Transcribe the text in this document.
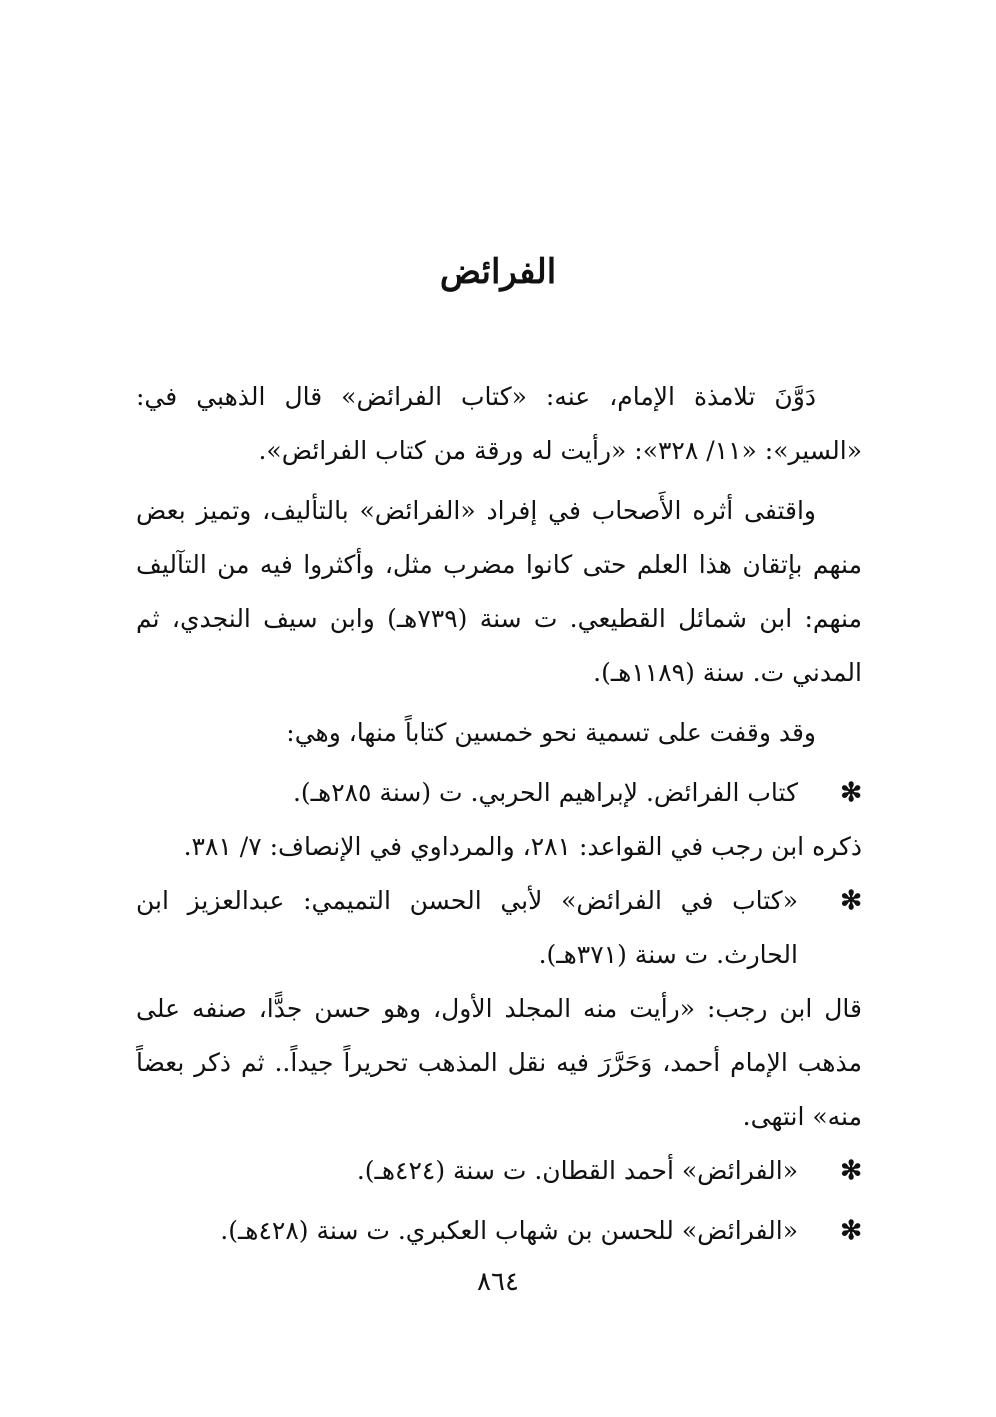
الفرائض

دَوَّنَ تلامذة الإمام، عنه: «كتاب الفرائض» قال الذهبي في: «السير»: «١١/ ٣٢٨»: «رأيت له ورقة من كتاب الفرائض».

واقتفى أثره الأَصحاب في إفراد «الفرائض» بالتأليف، وتميز بعض منهم بإتقان هذا العلم حتى كانوا مضرب مثل، وأكثروا فيه من التآليف منهم: ابن شمائل القطيعي. ت سنة (٧٣٩هـ) وابن سيف النجدي، ثم المدني ت. سنة (١١٨٩هـ).

وقد وقفت على تسمية نحو خمسين كتاباً منها، وهي:

✻
كتاب الفرائض. لإبراهيم الحربي. ت (سنة ٢٨٥هـ).

ذكره ابن رجب في القواعد: ٢٨١، والمرداوي في الإنصاف: ٧/ ٣٨١.

✻
«كتاب في الفرائض» لأبي الحسن التميمي: عبدالعزيز ابن الحارث. ت سنة (٣٧١هـ).

قال ابن رجب: «رأيت منه المجلد الأول، وهو حسن جدًّا، صنفه على مذهب الإمام أحمد، وَحَرَّرَ فيه نقل المذهب تحريراً جيداً.. ثم ذكر بعضاً منه» انتهى.

✻
«الفرائض» أحمد القطان. ت سنة (٤٢٤هـ).

✻
«الفرائض» للحسن بن شهاب العكبري. ت سنة (٤٢٨هـ).

٨٦٤
